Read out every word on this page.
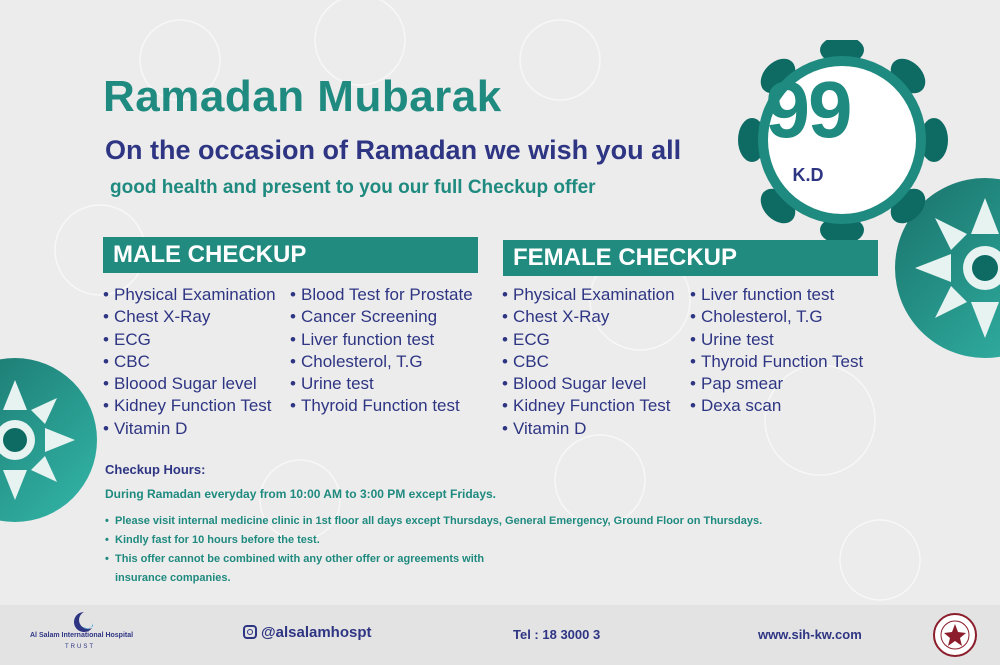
99
K.D
Ramadan Mubarak
On the occasion of Ramadan we wish you all
good health and present to you our full Checkup offer
MALE CHECKUP
• Physical Examination
• Chest X-Ray
• ECG
• CBC
• Bloood Sugar level
• Kidney Function Test
• Vitamin D
• Blood Test for Prostate
• Cancer Screening
• Liver function test
• Cholesterol, T.G
• Urine test
• Thyroid Function test
FEMALE CHECKUP
• Physical Examination
• Chest X-Ray
• ECG
• CBC
• Blood Sugar level
• Kidney Function Test
• Vitamin D
• Liver function test
• Cholesterol, T.G
• Urine test
• Thyroid Function Test
• Pap smear
• Dexa scan
Checkup Hours:
During Ramadan everyday from 10:00 AM to 3:00 PM except Fridays.
• Please visit internal medicine clinic in 1st floor all days except Thursdays, General Emergency, Ground Floor on Thursdays.
• Kindly fast for 10 hours before the test.
• This offer cannot be combined with any other offer or agreements with insurance companies.
Al Salam International Hospital
TRUST
@alsalamhospt	Tel : 18 3000 3	www.sih-kw.com
